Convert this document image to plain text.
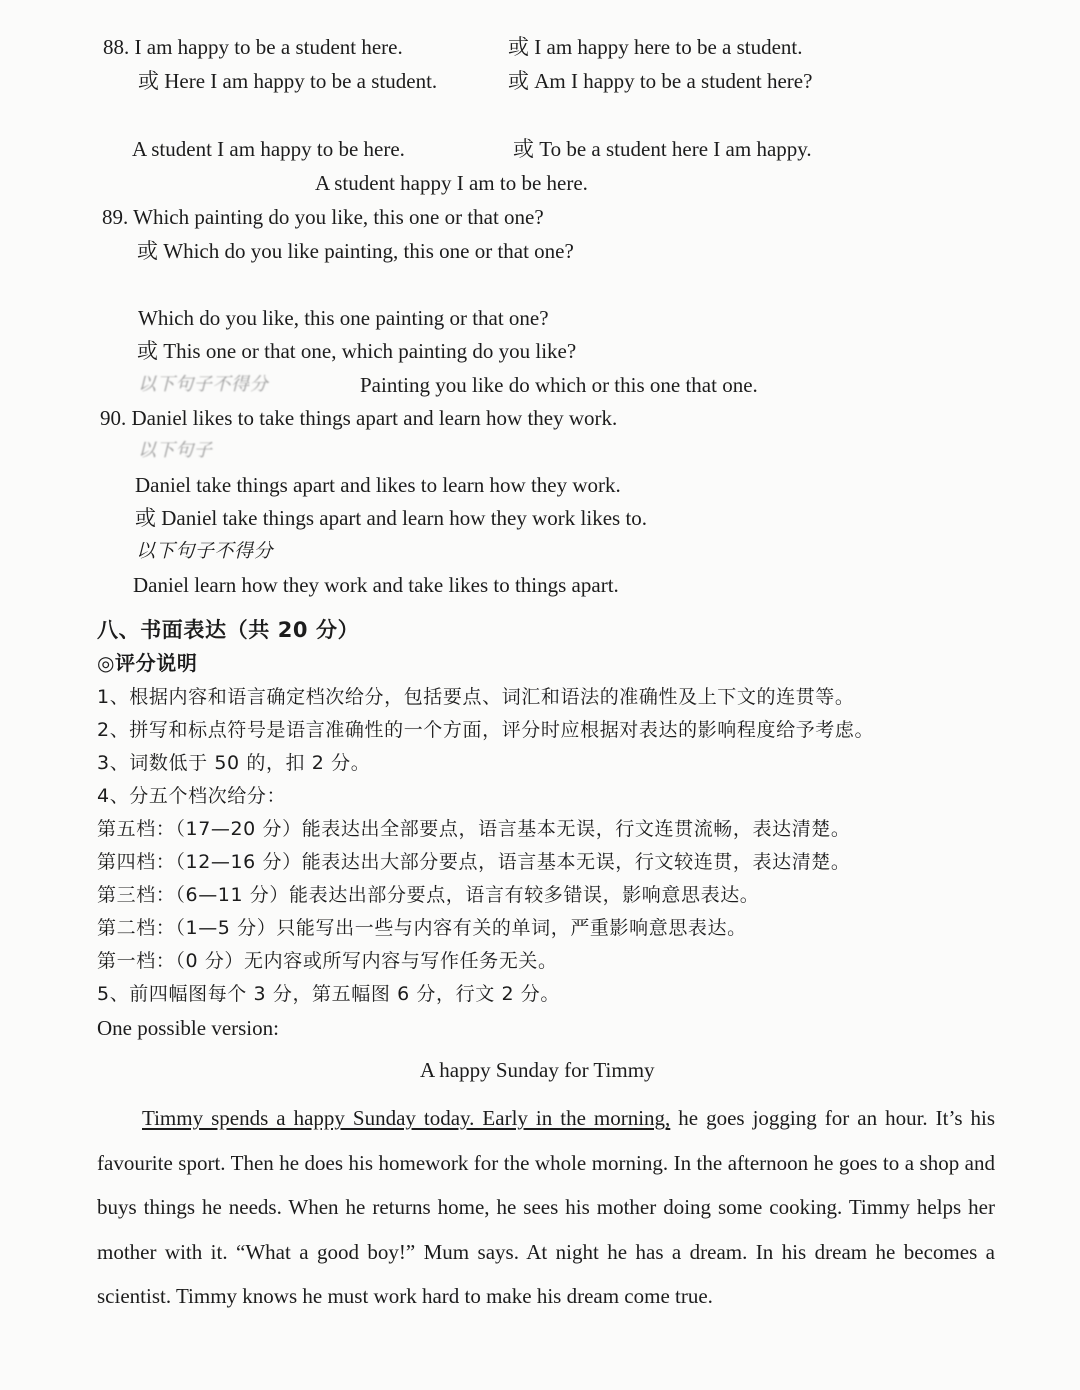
88. I am happy to be a student here.	或 I am happy here to be a student.
或 Here I am happy to be a student.	或 Am I happy to be a student here?
A student I am happy to be here.	或 To be a student here I am happy.
A student happy I am to be here.
89. Which painting do you like, this one or that one?
或 Which do you like painting, this one or that one?
Which do you like, this one painting or that one?
或 This one or that one, which painting do you like?
以下句子不得分	Painting you like do which or this one that one.
90. Daniel likes to take things apart and learn how they work.
以下句子
Daniel take things apart and likes to learn how they work.
或 Daniel take things apart and learn how they work likes to.
以下句子不得分
Daniel learn how they work and take likes to things apart.
八、书面表达（共 20 分）
◎评分说明
1、根据内容和语言确定档次给分，包括要点、词汇和语法的准确性及上下文的连贯等。
2、拼写和标点符号是语言准确性的一个方面，评分时应根据对表达的影响程度给予考虑。
3、词数低于 50 的，扣 2 分。
4、分五个档次给分：
第五档：（17—20 分）能表达出全部要点，语言基本无误，行文连贯流畅，表达清楚。
第四档：（12—16 分）能表达出大部分要点，语言基本无误，行文较连贯，表达清楚。
第三档：（6—11 分）能表达出部分要点，语言有较多错误，影响意思表达。
第二档：（1—5 分）只能写出一些与内容有关的单词，严重影响意思表达。
第一档：（0 分）无内容或所写内容与写作任务无关。
5、前四幅图每个 3 分，第五幅图 6 分，行文 2 分。
One possible version:
A happy Sunday for Timmy
Timmy spends a happy Sunday today. Early in the morning, he goes jogging for an hour. It’s his favourite sport. Then he does his homework for the whole morning. In the afternoon he goes to a shop and buys things he needs. When he returns home, he sees his mother doing some cooking. Timmy helps her mother with it. “What a good boy!” Mum says. At night he has a dream. In his dream he becomes a scientist. Timmy knows he must work hard to make his dream come true.
